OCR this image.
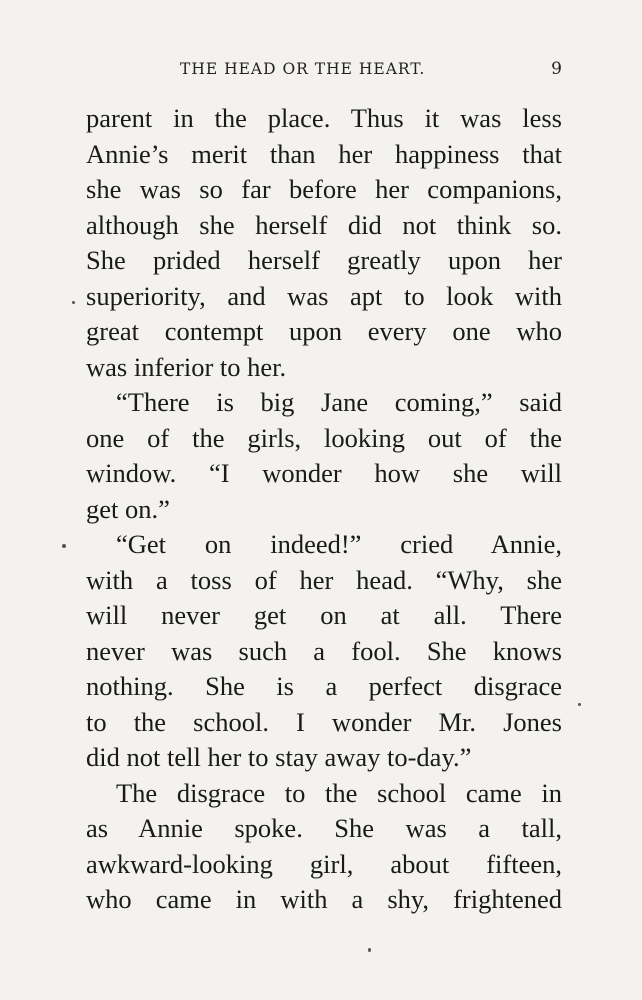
THE HEAD OR THE HEART.	9
parent in the place. Thus it was less
Annie’s merit than her happiness that
she was so far before her companions,
although she herself did not think so.
She prided herself greatly upon her
superiority, and was apt to look with
great contempt upon every one who
was inferior to her.
“There is big Jane coming,” said
one of the girls, looking out of the
window. “I wonder how she will
get on.”
“Get on indeed!” cried Annie,
with a toss of her head. “Why, she
will never get on at all. There
never was such a fool. She knows
nothing. She is a perfect disgrace
to the school. I wonder Mr. Jones
did not tell her to stay away to-day.”
The disgrace to the school came in
as Annie spoke. She was a tall,
awkward-looking girl, about fifteen,
who came in with a shy, frightened
